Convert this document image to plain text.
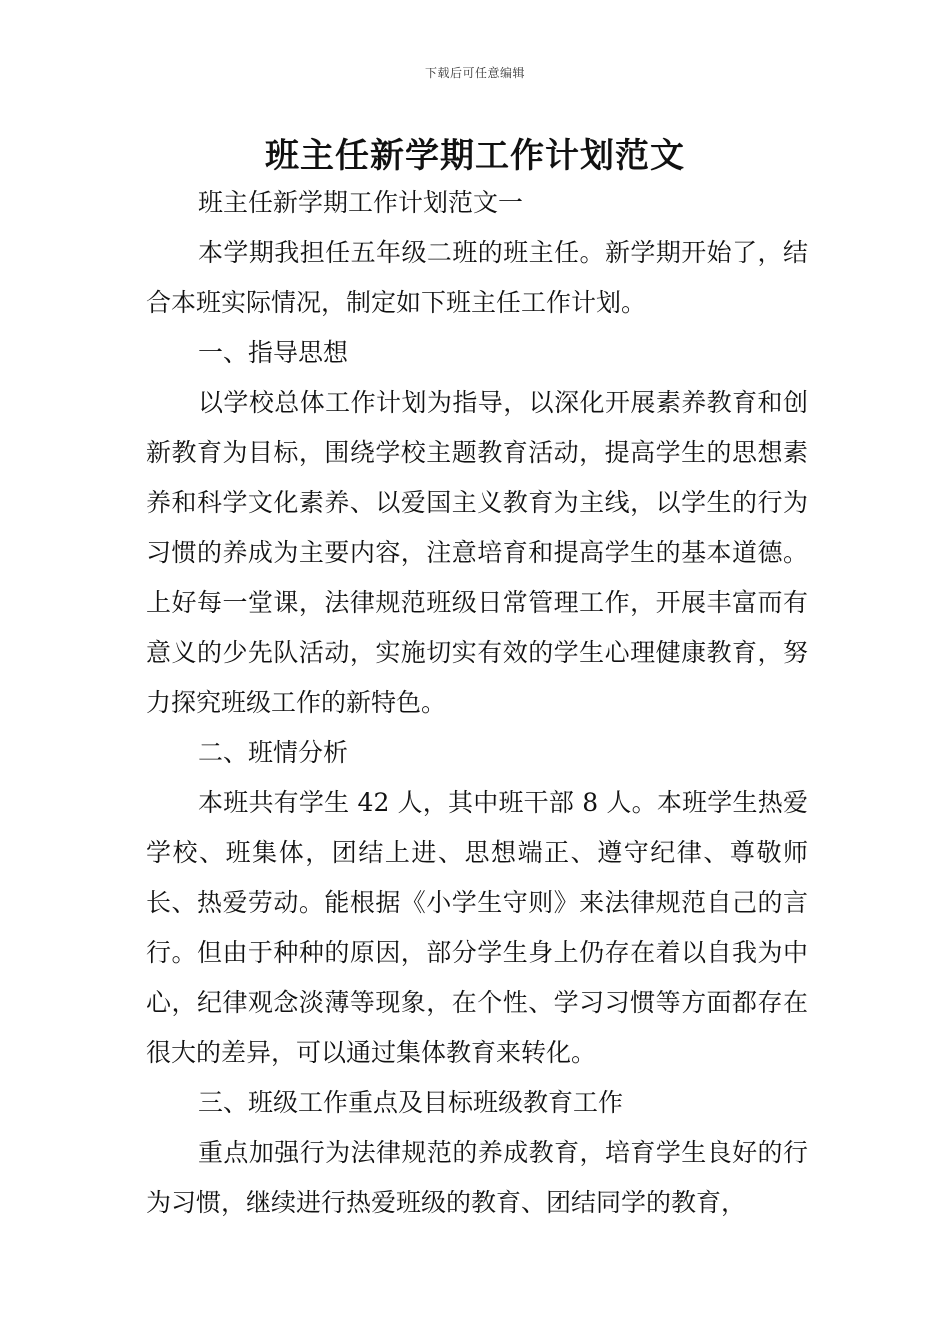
下载后可任意编辑
班主任新学期工作计划范文

班主任新学期工作计划范文一

本学期我担任五年级二班的班主任。新学期开始了，结合本班实际情况，制定如下班主任工作计划。

一、指导思想

以学校总体工作计划为指导，以深化开展素养教育和创新教育为目标，围绕学校主题教育活动，提高学生的思想素养和科学文化素养、以爱国主义教育为主线，以学生的行为习惯的养成为主要内容，注意培育和提高学生的基本道德。上好每一堂课，法律规范班级日常管理工作，开展丰富而有意义的少先队活动，实施切实有效的学生心理健康教育，努力探究班级工作的新特色。

二、班情分析

本班共有学生 42 人，其中班干部 8 人。本班学生热爱学校、班集体，团结上进、思想端正、遵守纪律、尊敬师长、热爱劳动。能根据《小学生守则》来法律规范自己的言行。但由于种种的原因，部分学生身上仍存在着以自我为中心，纪律观念淡薄等现象，在个性、学习习惯等方面都存在很大的差异，可以通过集体教育来转化。

三、班级工作重点及目标班级教育工作

重点加强行为法律规范的养成教育，培育学生良好的行为习惯，继续进行热爱班级的教育、团结同学的教育，
